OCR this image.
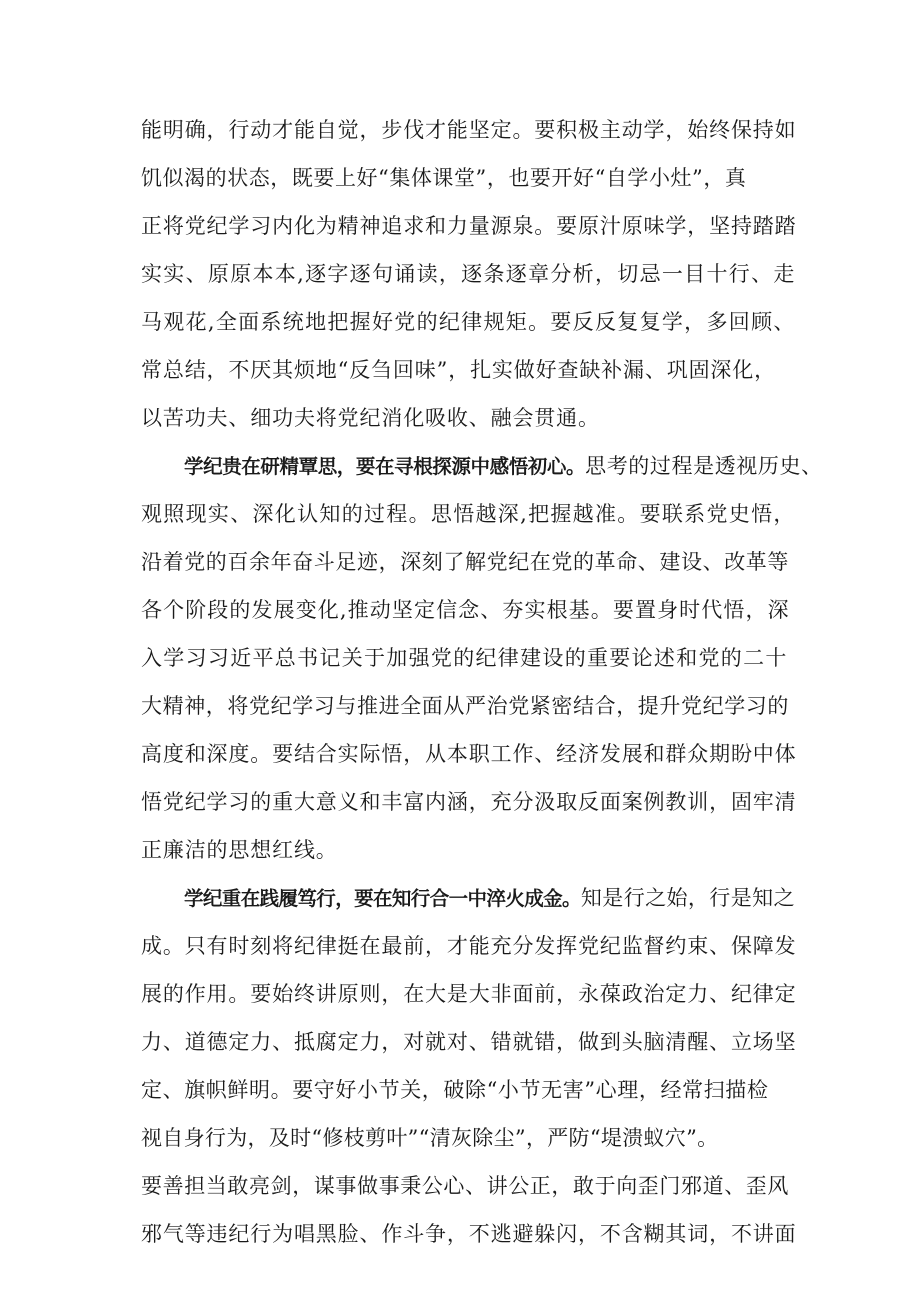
能明确，行动才能自觉，步伐才能坚定。要积极主动学，始终保持如
饥似渴的状态，既要上好“集体课堂”，也要开好“自学小灶”，真
正将党纪学习内化为精神追求和力量源泉。要原汁原味学，坚持踏踏
实实、原原本本,逐字逐句诵读，逐条逐章分析，切忌一目十行、走
马观花,全面系统地把握好党的纪律规矩。要反反复复学，多回顾、
常总结，不厌其烦地“反刍回味”，扎实做好查缺补漏、巩固深化，
以苦功夫、细功夫将党纪消化吸收、融会贯通。
学纪贵在研精覃思，要在寻根探源中感悟初心。思考的过程是透视历史、
观照现实、深化认知的过程。思悟越深,把握越准。要联系党史悟，
沿着党的百余年奋斗足迹，深刻了解党纪在党的革命、建设、改革等
各个阶段的发展变化,推动坚定信念、夯实根基。要置身时代悟，深
入学习习近平总书记关于加强党的纪律建设的重要论述和党的二十
大精神，将党纪学习与推进全面从严治党紧密结合，提升党纪学习的
高度和深度。要结合实际悟，从本职工作、经济发展和群众期盼中体
悟党纪学习的重大意义和丰富内涵，充分汲取反面案例教训，固牢清
正廉洁的思想红线。
学纪重在践履笃行，要在知行合一中淬火成金。知是行之始，行是知之
成。只有时刻将纪律挺在最前，才能充分发挥党纪监督约束、保障发
展的作用。要始终讲原则，在大是大非面前，永葆政治定力、纪律定
力、道德定力、抵腐定力，对就对、错就错，做到头脑清醒、立场坚
定、旗帜鲜明。要守好小节关，破除“小节无害”心理，经常扫描检
视自身行为，及时“修枝剪叶”“清灰除尘”，严防“堤溃蚁穴”。
要善担当敢亮剑，谋事做事秉公心、讲公正，敢于向歪门邪道、歪风
邪气等违纪行为唱黑脸、作斗争，不逃避躲闪，不含糊其词，不讲面
